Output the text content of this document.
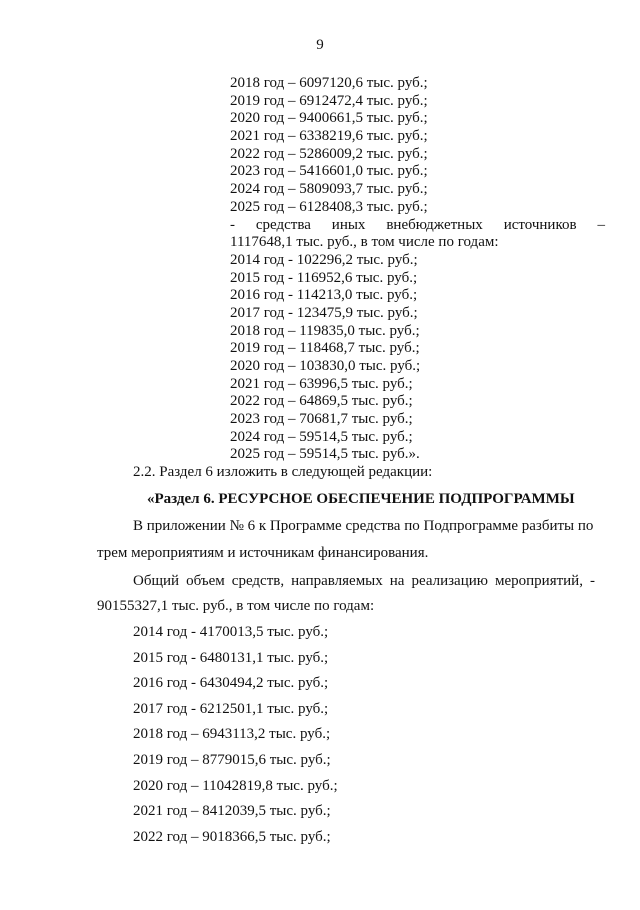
9
2018 год – 6097120,6 тыс. руб.;
2019 год – 6912472,4 тыс. руб.;
2020 год – 9400661,5 тыс. руб.;
2021 год – 6338219,6 тыс. руб.;
2022 год – 5286009,2 тыс. руб.;
2023 год – 5416601,0 тыс. руб.;
2024 год – 5809093,7 тыс. руб.;
2025 год – 6128408,3 тыс. руб.;
- средства иных внебюджетных источников –
1117648,1 тыс. руб., в том числе по годам:
2014 год - 102296,2 тыс. руб.;
2015 год - 116952,6 тыс. руб.;
2016 год - 114213,0 тыс. руб.;
2017 год - 123475,9 тыс. руб.;
2018 год – 119835,0 тыс. руб.;
2019 год – 118468,7 тыс. руб.;
2020 год – 103830,0 тыс. руб.;
2021 год – 63996,5 тыс. руб.;
2022 год – 64869,5 тыс. руб.;
2023 год – 70681,7 тыс. руб.;
2024 год – 59514,5 тыс. руб.;
2025 год – 59514,5 тыс. руб.».
2.2. Раздел 6 изложить в следующей редакции:
«Раздел 6. РЕСУРСНОЕ ОБЕСПЕЧЕНИЕ ПОДПРОГРАММЫ
В приложении № 6 к Программе средства по Подпрограмме разбиты по
трем мероприятиям и источникам финансирования.
Общий объем средств, направляемых на реализацию мероприятий, -
90155327,1 тыс. руб., в том числе по годам:
2014 год - 4170013,5 тыс. руб.;
2015 год - 6480131,1 тыс. руб.;
2016 год - 6430494,2 тыс. руб.;
2017 год - 6212501,1 тыс. руб.;
2018 год – 6943113,2 тыс. руб.;
2019 год – 8779015,6 тыс. руб.;
2020 год – 11042819,8 тыс. руб.;
2021 год – 8412039,5 тыс. руб.;
2022 год – 9018366,5 тыс. руб.;
